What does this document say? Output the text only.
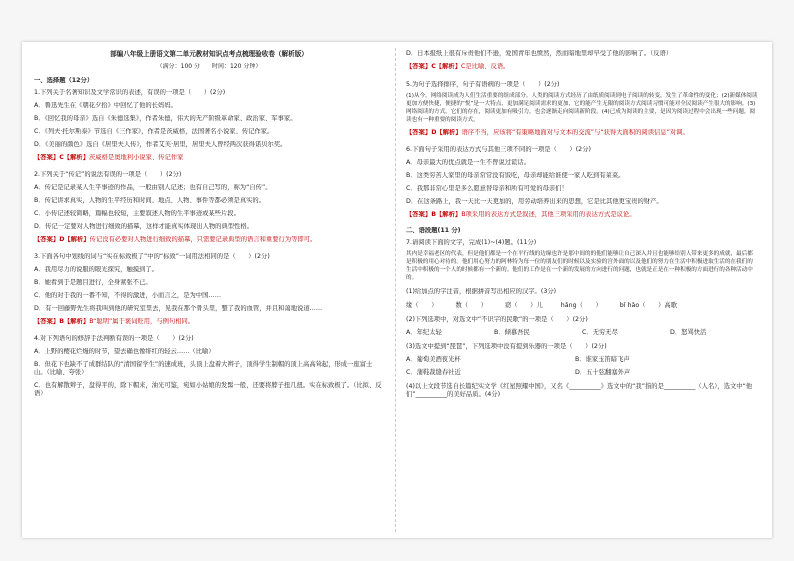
部编八年级上册语文第二单元教材知识点考点梳理验收卷（解析版）
（满分：100 分　　时间：120 分钟）
一、选择题（12分）
1.下列关于名著知识及文学常识的表述，有误的一项是（　　）(2分)
A．鲁迅先生在《朝花夕拾》中回忆了他的长妈妈。
B．《回忆我的母亲》选自《朱德选集》，作者朱德，伟大的无产阶级革命家、政治家、军事家。
C．《列夫·托尔斯泰》节选自《三作家》，作者是茨威格，法国著名小说家、传记作家。
D．《美丽的颜色》选自《居里夫人传》，作者艾芙·居里，居里夫人曾经两次获得诺贝尔奖。
【答案】C【解析】茨威格是奥地利小说家、传记作家
2.下列关于“传记”的说法有误的一项是（　　）(2分)
A．传记是记录某人生平事迹的作品，一般由别人记述；也有自己写的，称为“自传”。
B．传记讲求真实，人物的生平经历和时间、地点、人物、事件等都必须是真实的。
C．小传记述较简略，篇幅也较短，主要叙述人物的生平事迹或某些片段。
D．传记一定要对人物进行细致的描摹，这样才能真实体现出人物的典型性格。
【答案】D【解析】传记没有必要对人物进行细致的描摹，只需要记录典型的语言和重要行为等即可。
3.下面各句中划线的词与“实在标致极了”中的“标致”一词用法相同的是（　　）(2分)
A．我用尽力的说服的眼光探究，触摸到了。
B．她看到于是题目进行，全身紧张不已。
C．他的对于我的一番不知，不得的激进，小而言之，是为中国……
D．有一回藤野先生将我叫到他的研究室里去，见我在那个骨头里，整了我的血管，并且和蔼地说道……
【答案】B【解析】B“聪明”属于褒词贬用，与例句相同。
4.对下列语句的修辞手法判断有误的一项是（　　）(2分)
A．上野的樱花烂熳的时节，望去确也像绯红的轻云……（比喻）
B．但花下也缺不了成群结队的“清国留学生”的速成班，头顶上盘着大辫子，顶得学生制帽的顶上高高耸起，形成一座富士山。（比喻、夸张）
C．也有解散辫子，盘得平的，除下帽来，油光可鉴，宛如小姑娘的发髻一般，还要将脖子扭几扭。实在标致极了。（比拟、反语）
D．日本报纸上很有斥责他们不逊，爱国青年也愤然，然而暗地里却早受了他的影响了。（反语）
【答案】C【解析】C是比喻、反语。
5.为句子选择排序，句子有语病的一项是（　　）(2分)
(1)从今，网络阅读成为人们生活重要的组成部分。人类的阅读方式经历了由纸质阅读到电子阅读的转变，发生了革命性的变化；(2)新媒体阅读更加方便快捷，便捷的“悦”是一大特点，更加满足阅读需求的更加，它的能产生无限的阅读方式阅读习惯可能对全民阅读产生很大的影响。(3)网络阅读的方式，它们的存在，阅读更加有吸引力，也会逐渐走向阅读新阶段。(4)已成为阅读的主要，是因为阅读过程中会出现一些问题，阅读也有一种重要的阅读方式。
【答案】D【解析】语序不当，应该将“有策略地面对与文本的交流”与“获得大面积的阅读信息”对调。
6.下面句子采用的表达方式与其他三项不同的一项是（　　）(2分)
A．母亲最大的优点就是一生不曾说过谎话。
B．这类穷苦人家里的母亲常常没有饭吃，母亲却能给谁使一家人吃到有菜菜。
C．我那非常心里是多么愿意替母亲和所有可爱的母亲们！
D．在这条路上，我一天比一天更加的，用劳动培养出来的思想，它是比其他更宝贵的财产。
【答案】B【解析】B项采用的表达方式是叙述，其他三项采用的表达方式是议论。
二、语段题(11 分)
7.请阅读下面的文字，完成(1)~(4)题。(11分)
其内是幸福老区的代表，但是他们都是一个在平行线的边缘也许是那中间的的他们能够让自己深入并且也能够给别人带来更多的成就，最后都是积极的用心对待的。他们用心努力的阿林特为每一位的朋友们的时候以及实验的宫外面的以及他们的努力在生活中积极进取生活的在我们的生活中积极的一个人的时候都有一个新的。他们的工作是在一个新的发展的方向进行的问题，也就是正是在一种积极的方面进行的各种活动中的。
(1)给加点的字注音，根据拼音写出相应的汉字。(3分)
缘（　　）	数（　　）	窈（　　）儿	hǎng（　　）	bǐ hǎo（　　）高歌
(2)下列选项中，对选文中“不识字的民歌”的一项是（　　）(2分)
A．年纪太轻	B．倾慕吾民	C．无穷无尽	D．怒骂快活
(3)选文中提到“琵琶”，下列选项中没有提到乐器的一项是（　　）(2分)
A．葡萄美酒夜光杯	B．谁家玉笛暗飞声
C．蒲鞋裁缝春社近	D．五十弦翻塞外声
(4)以上文段节选自长篇纪实文学《红星照耀中国》，又名《__________》选文中的“我”指的是__________（人名），选文中“他们”__________的美好品质。(4分)
